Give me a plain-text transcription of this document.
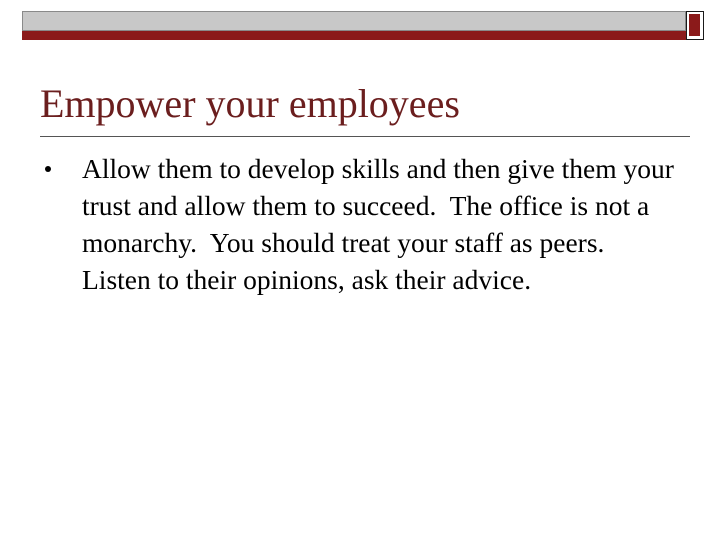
Empower your employees
Allow them to develop skills and then give them your  trust and allow them to succeed.  The office is not a monarchy.  You should treat your staff as peers.  Listen to their opinions, ask their advice.
